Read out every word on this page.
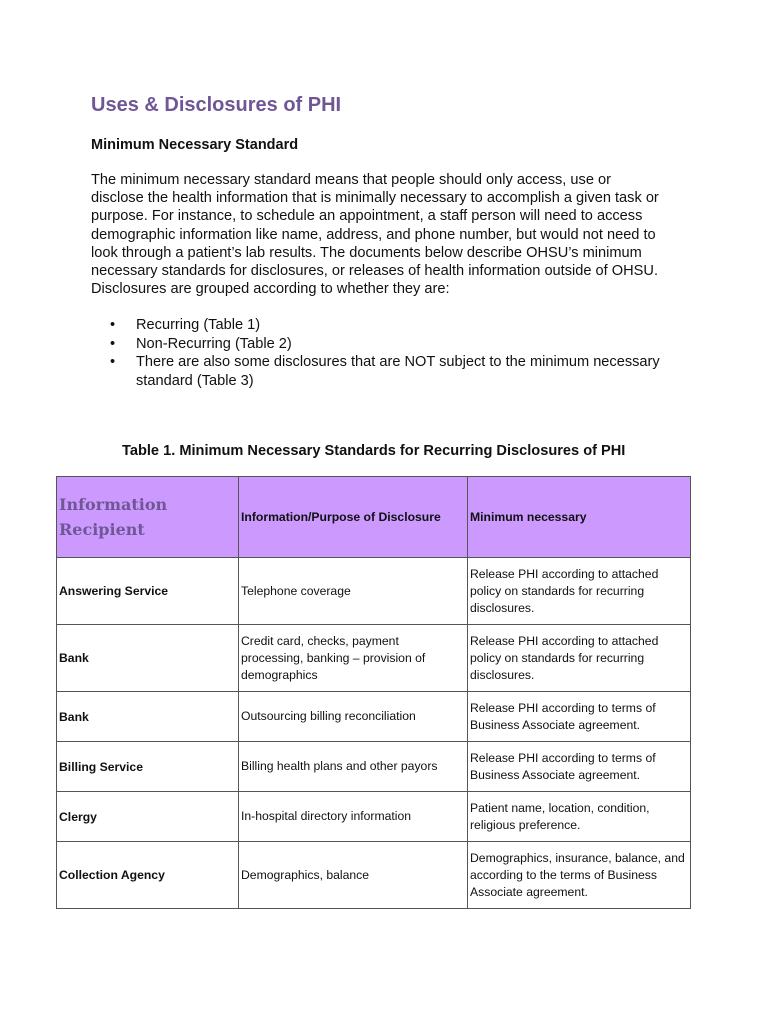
Uses & Disclosures of PHI
Minimum Necessary Standard

The minimum necessary standard means that people should only access, use or
disclose the health information that is minimally necessary to accomplish a given task or
purpose. For instance, to schedule an appointment, a staff person will need to access
demographic information like name, address, and phone number, but would not need to
look through a patient’s lab results. The documents below describe OHSU’s minimum
necessary standards for disclosures, or releases of health information outside of OHSU.
Disclosures are grouped according to whether they are:

• Recurring (Table 1)
• Non-Recurring (Table 2)
• There are also some disclosures that are NOT subject to the minimum necessary
standard (Table 3)

Table 1. Minimum Necessary Standards for Recurring Disclosures of PHI

Information
Recipient	Information/Purpose of Disclosure	Minimum necessary
Answering Service	Telephone coverage	Release PHI according to attached
policy on standards for recurring
disclosures.

Bank	Credit card, checks, payment
processing, banking – provision of
demographics	Release PHI according to attached
policy on standards for recurring
disclosures.

Bank	Outsourcing billing reconciliation	Release PHI according to terms of
Business Associate agreement.

Billing Service	Billing health plans and other payors	Release PHI according to terms of
Business Associate agreement.

Clergy	In-hospital directory information	Patient name, location, condition,
religious preference.

Collection Agency	Demographics, balance	Demographics, insurance, balance, and
according to the terms of Business
Associate agreement.
